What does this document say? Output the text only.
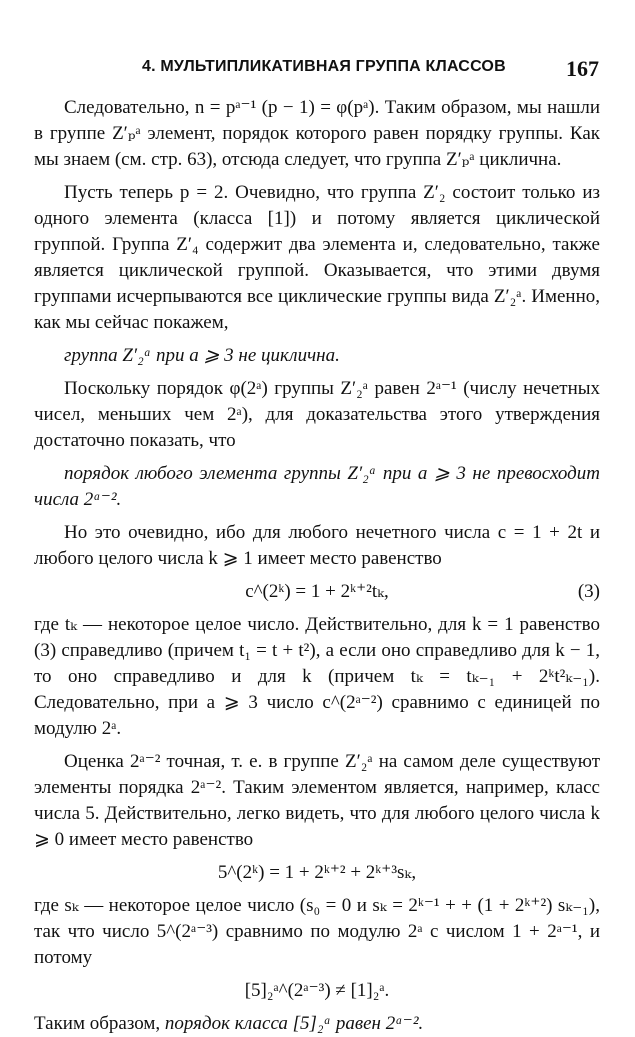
4. МУЛЬТИПЛИКАТИВНАЯ ГРУППА КЛАССОВ	167

Следовательно, n = pᵃ⁻¹ (p − 1) = φ(pᵃ). Таким образом, мы нашли в группе Z′ₚᵃ элемент, порядок которого равен порядку группы. Как мы знаем (см. стр. 63), отсюда следует, что группа Z′ₚᵃ циклична.

Пусть теперь p = 2. Очевидно, что группа Z′₂ состоит только из одного элемента (класса [1]) и потому является циклической группой. Группа Z′₄ содержит два элемента и, следовательно, также является циклической группой. Оказывается, что этими двумя группами исчерпываются все циклические группы вида Z′₂ᵃ. Именно, как мы сейчас покажем,

группа Z′₂ᵃ при a ⩾ 3 не циклична.

Поскольку порядок φ(2ᵃ) группы Z′₂ᵃ равен 2ᵃ⁻¹ (числу нечетных чисел, меньших чем 2ᵃ), для доказательства этого утверждения достаточно показать, что

порядок любого элемента группы Z′₂ᵃ при a ⩾ 3 не превосходит числа 2ᵃ⁻².

Но это очевидно, ибо для любого нечетного числа c = 1 + 2t и любого целого числа k ⩾ 1 имеет место равенство

c^(2ᵏ) = 1 + 2ᵏ⁺²tₖ,	(3)

где tₖ — некоторое целое число. Действительно, для k = 1 равенство (3) справедливо (причем t₁ = t + t²), а если оно справедливо для k − 1, то оно справедливо и для k (причем tₖ = tₖ₋₁ + 2ᵏt²ₖ₋₁). Следовательно, при a ⩾ 3 число c^(2ᵃ⁻²) сравнимо с единицей по модулю 2ᵃ.

Оценка 2ᵃ⁻² точная, т. е. в группе Z′₂ᵃ на самом деле существуют элементы порядка 2ᵃ⁻². Таким элементом является, например, класс числа 5. Действительно, легко видеть, что для любого целого числа k ⩾ 0 имеет место равенство

5^(2ᵏ) = 1 + 2ᵏ⁺² + 2ᵏ⁺³sₖ,

где sₖ — некоторое целое число (s₀ = 0 и sₖ = 2ᵏ⁻¹ + + (1 + 2ᵏ⁺²) sₖ₋₁), так что число 5^(2ᵃ⁻³) сравнимо по модулю 2ᵃ с числом 1 + 2ᵃ⁻¹, и потому

[5]₂ᵃ^(2ᵃ⁻³) ≠ [1]₂ᵃ.

Таким образом, порядок класса [5]₂ᵃ равен 2ᵃ⁻².
